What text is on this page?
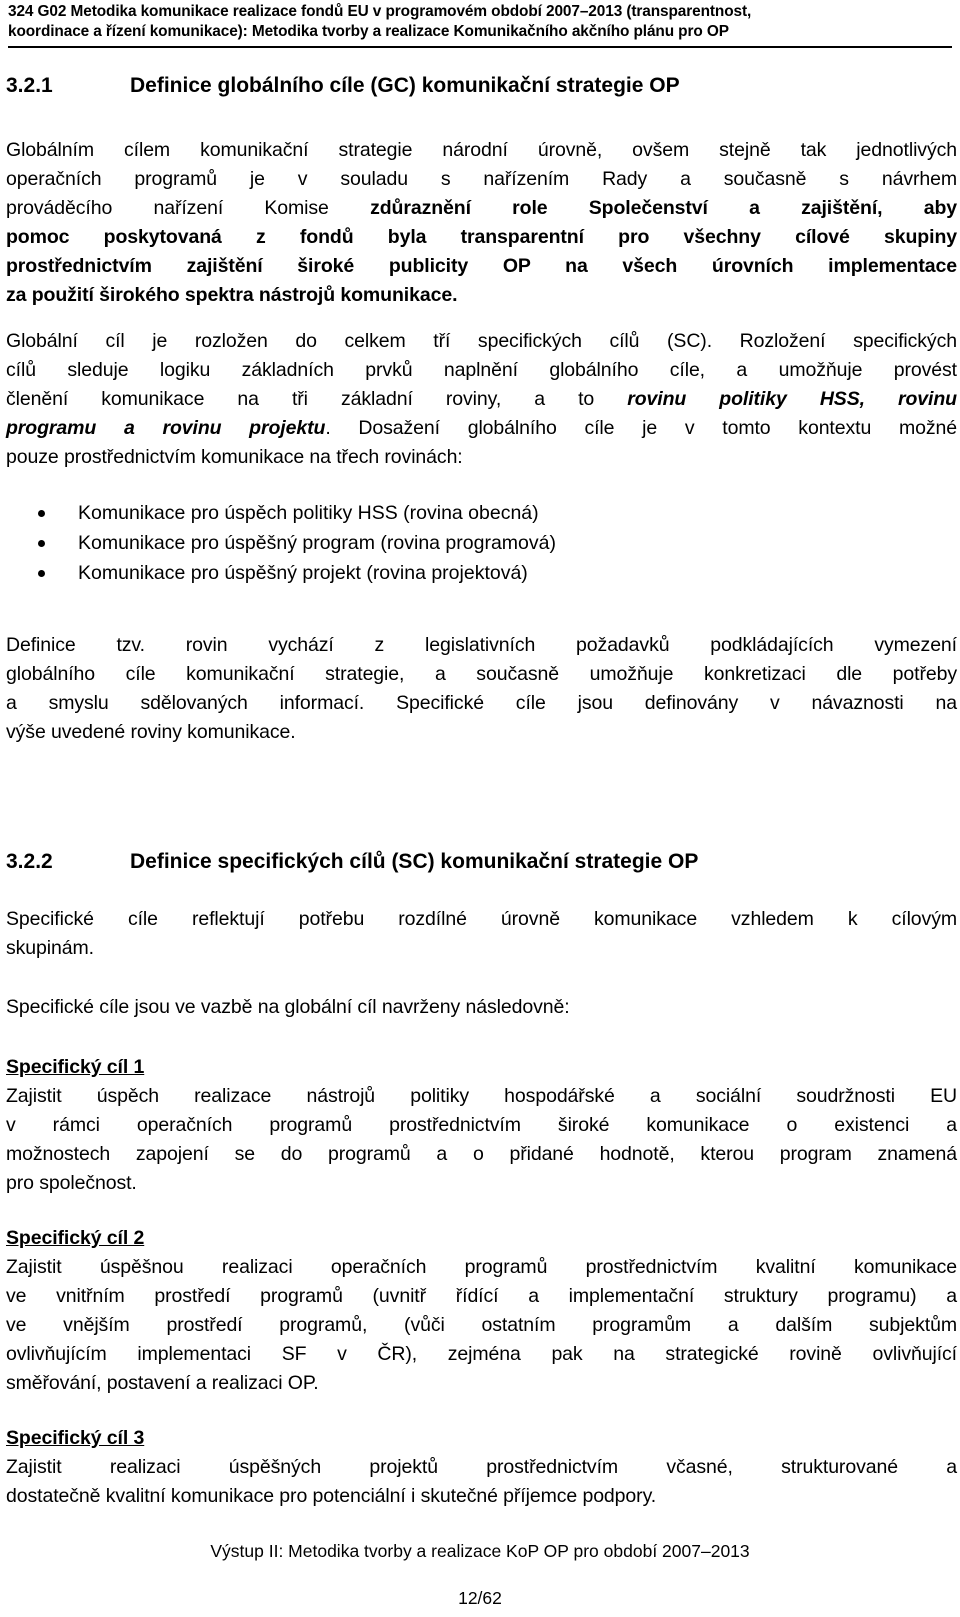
324 G02 Metodika komunikace realizace fondů EU v programovém období 2007–2013 (transparentnost,
koordinace a řízení komunikace): Metodika tvorby a realizace Komunikačního akčního plánu pro OP
3.2.1	Definice globálního cíle (GC) komunikační strategie OP
Globálním cílem komunikační strategie národní úrovně, ovšem stejně tak jednotlivých
operačních programů je v souladu s nařízením Rady a současně s návrhem
prováděcího nařízení Komise zdůraznění role Společenství a zajištění, aby
pomoc poskytovaná z fondů byla transparentní pro všechny cílové skupiny
prostřednictvím zajištění široké publicity OP na všech úrovních implementace
za použití širokého spektra nástrojů komunikace.
Globální cíl je rozložen do celkem tří specifických cílů (SC). Rozložení specifických
cílů sleduje logiku základních prvků naplnění globálního cíle, a umožňuje provést
členění komunikace na tři základní roviny, a to rovinu politiky HSS, rovinu
programu a rovinu projektu. Dosažení globálního cíle je v tomto kontextu možné
pouze prostřednictvím komunikace na třech rovinách:
Komunikace pro úspěch politiky HSS (rovina obecná)
Komunikace pro úspěšný program (rovina programová)
Komunikace pro úspěšný projekt (rovina projektová)
Definice tzv. rovin vychází z legislativních požadavků podkládajících vymezení
globálního cíle komunikační strategie, a současně umožňuje konkretizaci dle potřeby
a smyslu sdělovaných informací. Specifické cíle jsou definovány v návaznosti na
výše uvedené roviny komunikace.
3.2.2	Definice specifických cílů (SC) komunikační strategie OP
Specifické cíle reflektují potřebu rozdílné úrovně komunikace vzhledem k cílovým
skupinám.
Specifické cíle jsou ve vazbě na globální cíl navrženy následovně:
Specifický cíl 1
Zajistit úspěch realizace nástrojů politiky hospodářské a sociální soudržnosti EU
v rámci operačních programů prostřednictvím široké komunikace o existenci a
možnostech zapojení se do programů a o přidané hodnotě, kterou program znamená
pro společnost.
Specifický cíl 2
Zajistit úspěšnou realizaci operačních programů prostřednictvím kvalitní komunikace
ve vnitřním prostředí programů (uvnitř řídící a implementační struktury programu) a
ve vnějším prostředí programů, (vůči ostatním programům a dalším subjektům
ovlivňujícím implementaci SF v ČR), zejména pak na strategické rovině ovlivňující
směřování, postavení a realizaci OP.
Specifický cíl 3
Zajistit realizaci úspěšných projektů prostřednictvím včasné, strukturované a
dostatečně kvalitní komunikace pro potenciální i skutečné příjemce podpory.
Výstup II: Metodika tvorby a realizace KoP OP pro období 2007–2013
12/62
